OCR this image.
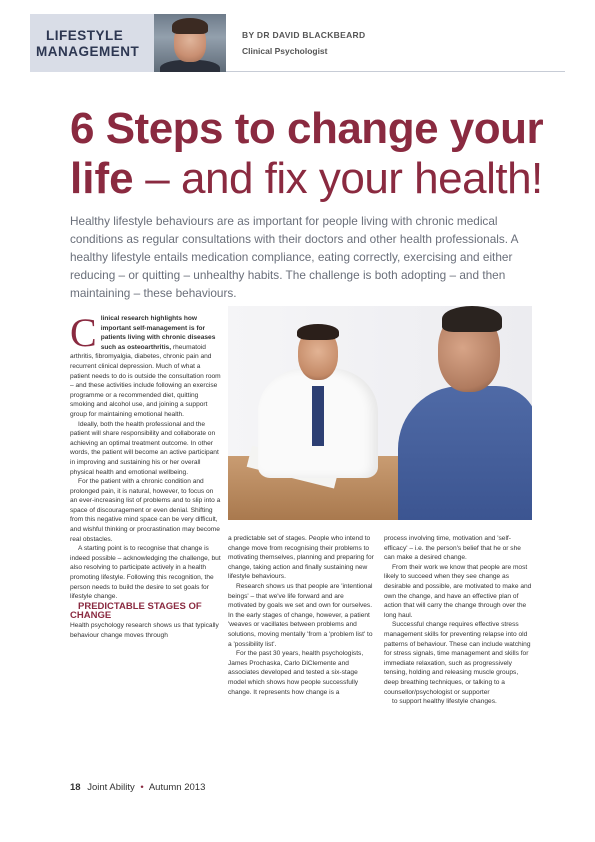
LIFESTYLE
MANAGEMENT
BY DR DAVID BLACKBEARD
Clinical Psychologist
6 Steps to change your
life – and fix your health!
Healthy lifestyle behaviours are as important for people living with chronic medical conditions as regular consultations with their doctors and other health professionals. A healthy lifestyle entails medication compliance, eating correctly, exercising and either reducing – or quitting – unhealthy habits. The challenge is both adopting – and then maintaining – these behaviours.

Clinical research highlights how important self-management is for patients living with chronic diseases such as osteoarthritis, rheumatoid arthritis, fibromyalgia, diabetes, chronic pain and recurrent clinical depression. Much of what a patient needs to do is outside the consultation room – and these activities include following an exercise programme or a recommended diet, quitting smoking and alcohol use, and joining a support group for maintaining emotional health.

Ideally, both the health professional and the patient will share responsibility and collaborate on achieving an optimal treatment outcome. In other words, the patient will become an active participant in improving and sustaining his or her overall physical health and emotional wellbeing.

For the patient with a chronic condition and prolonged pain, it is natural, however, to focus on an ever-increasing list of problems and to slip into a space of discouragement or even denial. Shifting from this negative mind space can be very difficult, and wishful thinking or procrastination may become real obstacles.

A starting point is to recognise that change is indeed possible – acknowledging the challenge, but also resolving to participate actively in a health promoting lifestyle. Following this recognition, the person needs to build the desire to set goals for lifestyle change.

PREDICTABLE STAGES OF CHANGE

Health psychology research shows us that typically behaviour change moves through

a predictable set of stages. People who intend to change move from recognising their problems to motivating themselves, planning and preparing for change, taking action and finally sustaining new lifestyle behaviours.

Research shows us that people are 'intentional beings' – that we've life forward and are motivated by goals we set and own for ourselves. In the early stages of change, however, a patient 'weaves or vacillates between problems and solutions, moving mentally 'from a 'problem list' to a 'possibility list'.

For the past 30 years, health psychologists, James Prochaska, Carlo DiClemente and associates developed and tested a six-stage model which shows how people successfully change. It represents how change is a

process involving time, motivation and 'self-efficacy' – i.e. the person's belief that he or she can make a desired change.

From their work we know that people are most likely to succeed when they see change as desirable and possible, are motivated to make and own the change, and have an effective plan of action that will carry the change through over the long haul.

Successful change requires effective stress management skills for preventing relapse into old patterns of behaviour. These can include watching for stress signals, time management and skills for immediate relaxation, such as progressively tensing, holding and releasing muscle groups, deep breathing techniques, or talking to a counsellor/psychologist or supporter

to support healthy lifestyle changes.

18 Joint Ability • Autumn 2013
